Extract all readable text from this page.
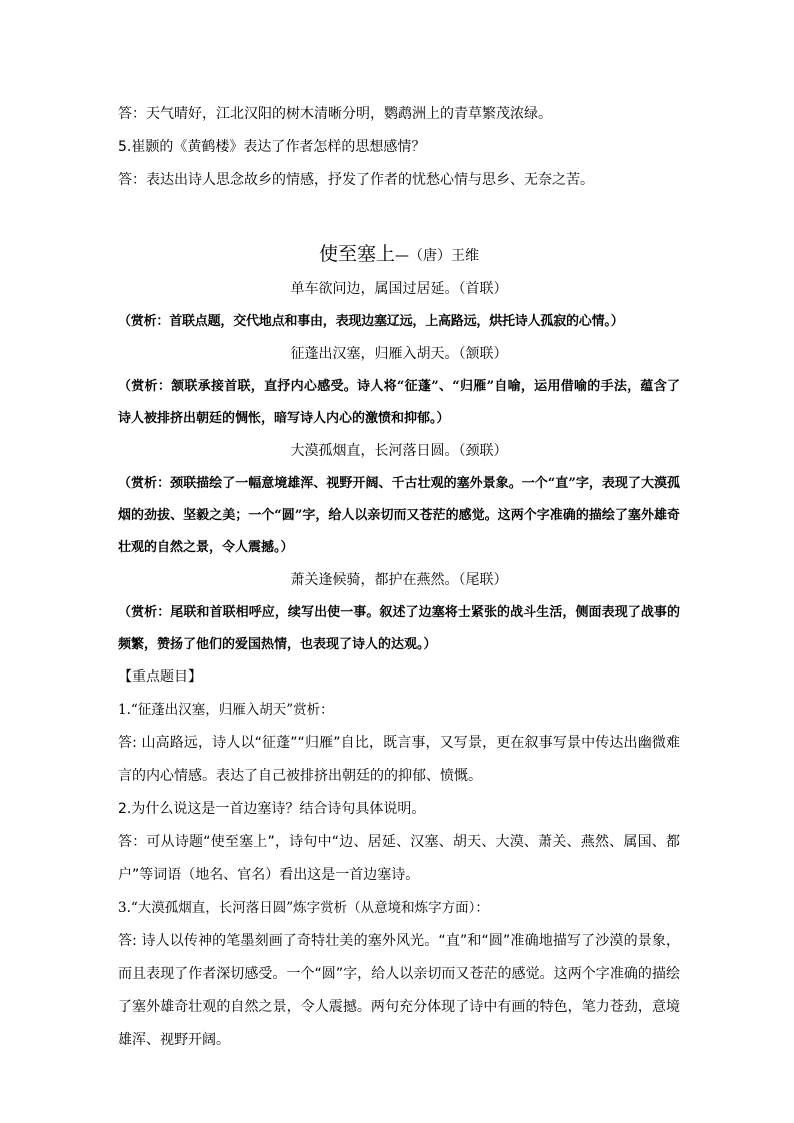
答：天气晴好，江北汉阳的树木清晰分明，鹦鹉洲上的青草繁茂浓绿。

5.崔颢的《黄鹤楼》表达了作者怎样的思想感情？

答：表达出诗人思念故乡的情感，抒发了作者的忧愁心情与思乡、无奈之苦。

使至塞上—（唐）王维

单车欲问边，属国过居延。（首联）

（赏析：首联点题，交代地点和事由，表现边塞辽远，上高路远，烘托诗人孤寂的心情。）

征蓬出汉塞，归雁入胡天。（颔联）

（赏析：颔联承接首联，直抒内心感受。诗人将“征蓬”、“归雁”自喻，运用借喻的手法，蕴含了诗人被排挤出朝廷的惆怅，暗写诗人内心的激愤和抑郁。）

大漠孤烟直，长河落日圆。（颈联）

（赏析：颈联描绘了一幅意境雄浑、视野开阔、千古壮观的塞外景象。一个“直”字，表现了大漠孤烟的劲拔、坚毅之美；一个“圆”字，给人以亲切而又苍茫的感觉。这两个字准确的描绘了塞外雄奇壮观的自然之景，令人震撼。）

萧关逢候骑，都护在燕然。（尾联）

（赏析：尾联和首联相呼应，续写出使一事。叙述了边塞将士紧张的战斗生活，侧面表现了战事的频繁，赞扬了他们的爱国热情，也表现了诗人的达观。）

【重点题目】

1.“征蓬出汉塞，归雁入胡天”赏析：

答: 山高路远，诗人以“征蓬”“归雁”自比，既言事，又写景，更在叙事写景中传达出幽微难言的内心情感。表达了自己被排挤出朝廷的的抑郁、愤慨。

2.为什么说这是一首边塞诗？结合诗句具体说明。

答：可从诗题“使至塞上”，诗句中“边、居延、汉塞、胡天、大漠、萧关、燕然、属国、都户”等词语（地名、官名）看出这是一首边塞诗。

3.“大漠孤烟直，长河落日圆”炼字赏析（从意境和炼字方面）：

答: 诗人以传神的笔墨刻画了奇特壮美的塞外风光。“直”和“圆”准确地描写了沙漠的景象，而且表现了作者深切感受。一个“圆”字，给人以亲切而又苍茫的感觉。这两个字准确的描绘了塞外雄奇壮观的自然之景，令人震撼。两句充分体现了诗中有画的特色，笔力苍劲，意境雄浑、视野开阔。
